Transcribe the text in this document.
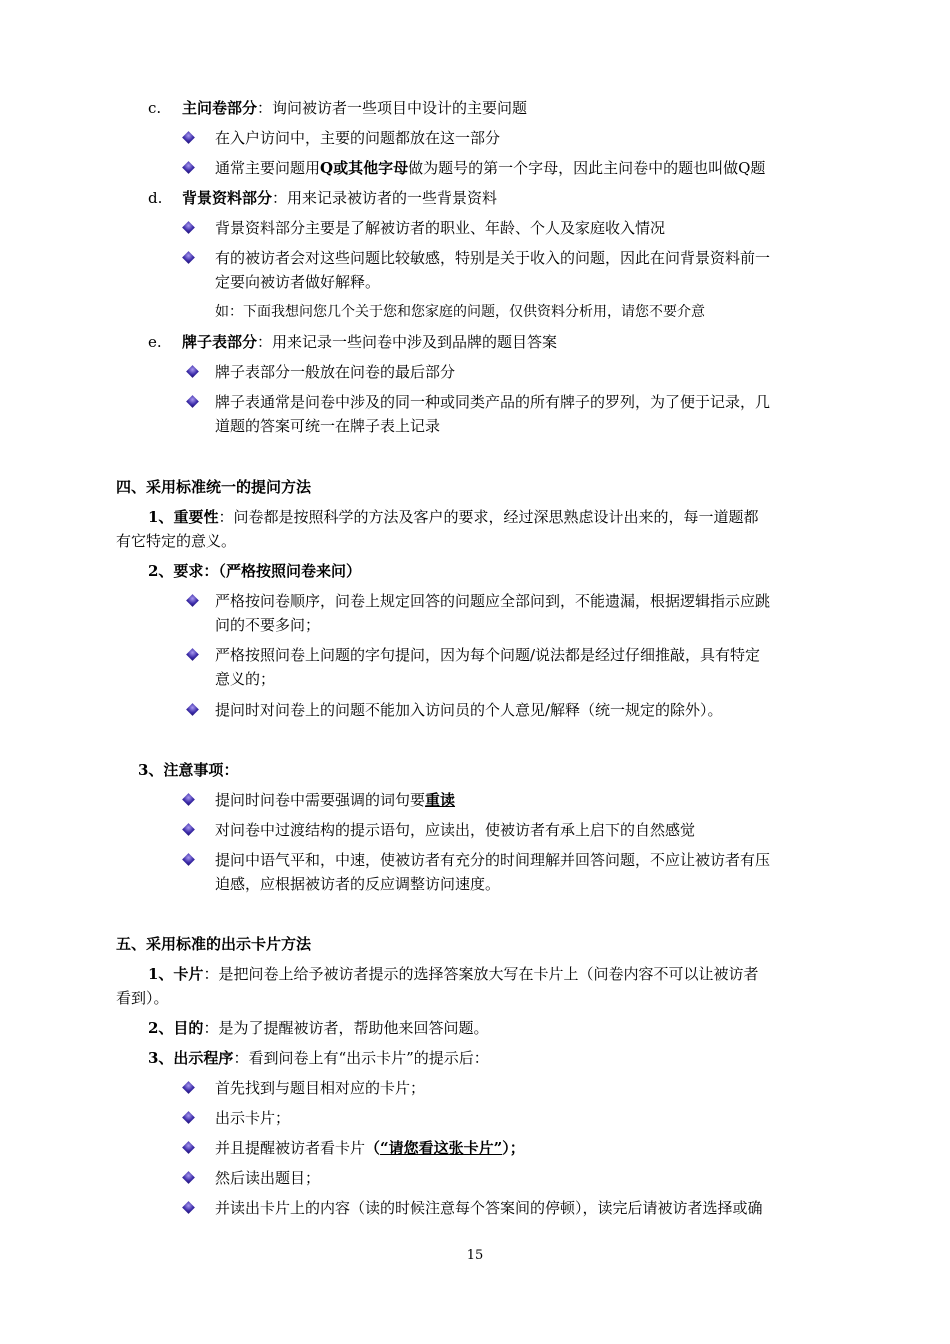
c. 主问卷部分：询问被访者一些项目中设计的主要问题
在入户访问中，主要的问题都放在这一部分
通常主要问题用Q或其他字母做为题号的第一个字母，因此主问卷中的题也叫做Q题
d. 背景资料部分：用来记录被访者的一些背景资料
背景资料部分主要是了解被访者的职业、年龄、个人及家庭收入情况
有的被访者会对这些问题比较敏感，特别是关于收入的问题，因此在问背景资料前一
定要向被访者做好解释。
如：下面我想问您几个关于您和您家庭的问题，仅供资料分析用，请您不要介意
e. 牌子表部分：用来记录一些问卷中涉及到品牌的题目答案
牌子表部分一般放在问卷的最后部分
牌子表通常是问卷中涉及的同一种或同类产品的所有牌子的罗列，为了便于记录，几
道题的答案可统一在牌子表上记录
四、采用标准统一的提问方法
1、重要性：问卷都是按照科学的方法及客户的要求，经过深思熟虑设计出来的，每一道题都
有它特定的意义。
2、要求：（严格按照问卷来问）
严格按问卷顺序，问卷上规定回答的问题应全部问到，不能遗漏，根据逻辑指示应跳
问的不要多问；
严格按照问卷上问题的字句提问，因为每个问题/说法都是经过仔细推敲，具有特定
意义的；
提问时对问卷上的问题不能加入访问员的个人意见/解释（统一规定的除外）。
3、注意事项：
提问时问卷中需要强调的词句要重读
对问卷中过渡结构的提示语句，应读出，使被访者有承上启下的自然感觉
提问中语气平和，中速，使被访者有充分的时间理解并回答问题，不应让被访者有压
迫感，应根据被访者的反应调整访问速度。
五、采用标准的出示卡片方法
1、卡片：是把问卷上给予被访者提示的选择答案放大写在卡片上（问卷内容不可以让被访者
看到）。
2、目的：是为了提醒被访者，帮助他来回答问题。
3、出示程序：看到问卷上有“出示卡片”的提示后：
首先找到与题目相对应的卡片；
出示卡片；
并且提醒被访者看卡片（“请您看这张卡片”）；
然后读出题目；
并读出卡片上的内容（读的时候注意每个答案间的停顿），读完后请被访者选择或确
15
